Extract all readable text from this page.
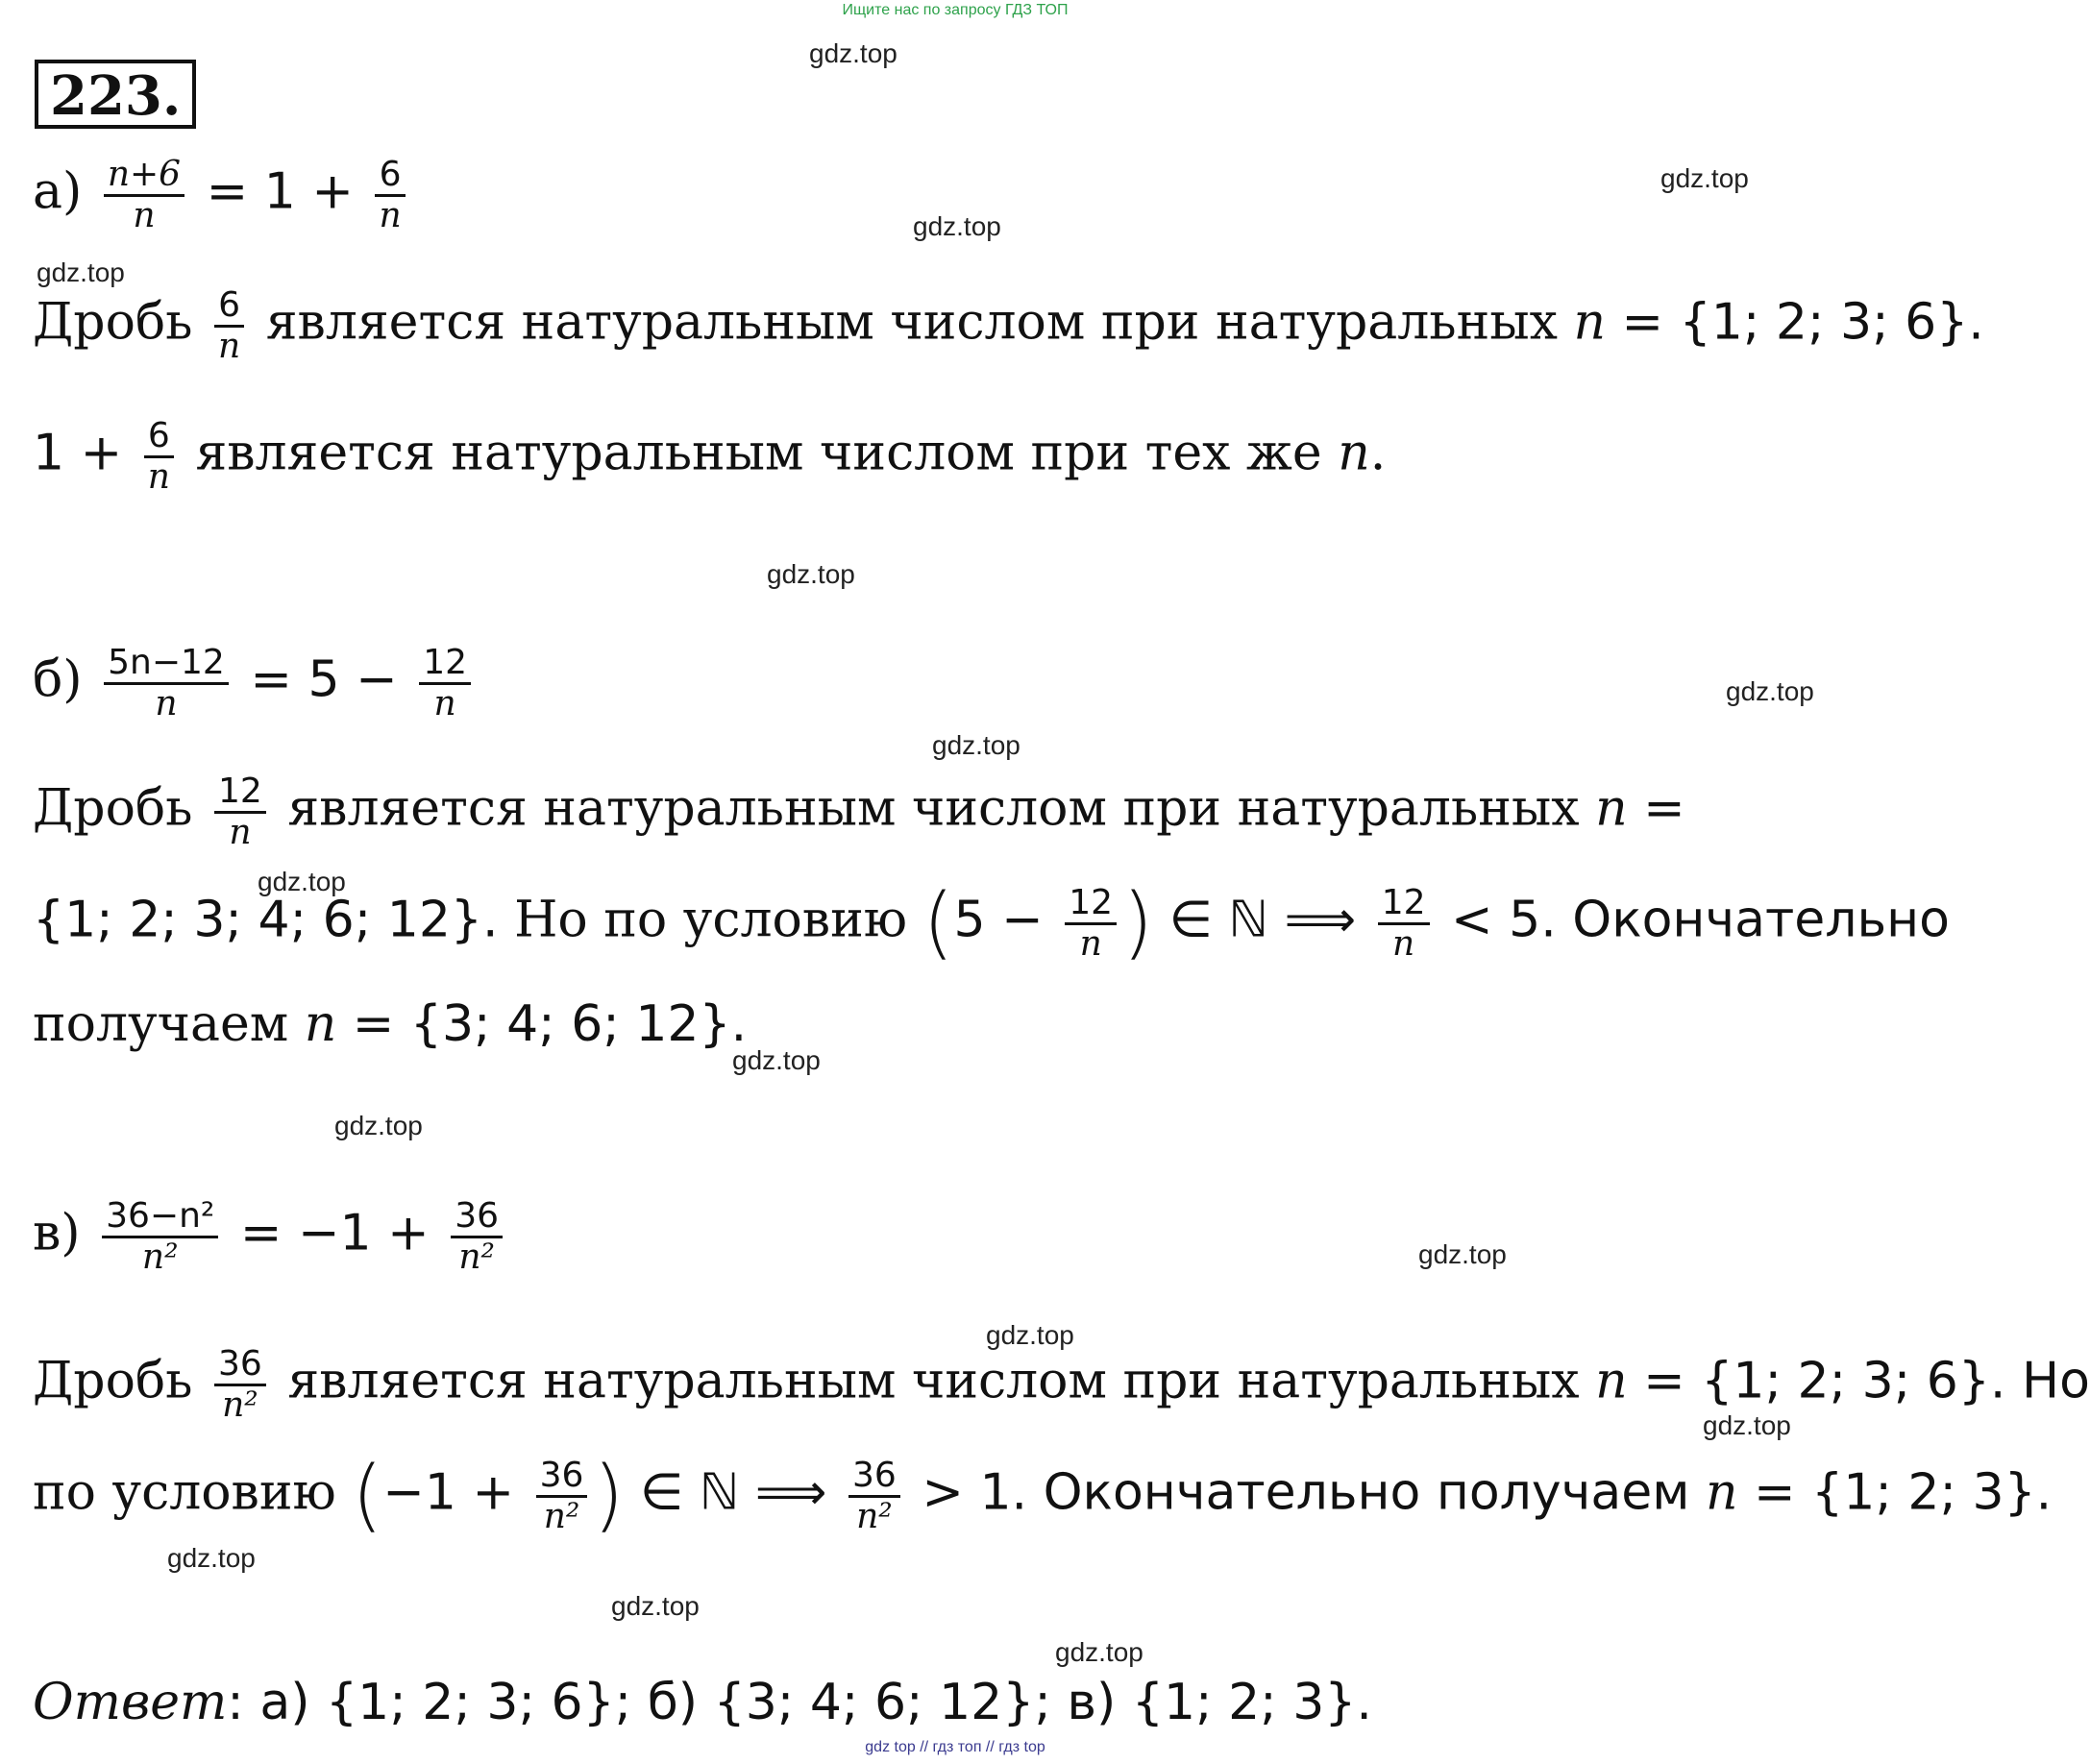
Ищите нас по запросу ГДЗ ТОП
223.
gdz.top
gdz.top
gdz.top
gdz.top
gdz.top
gdz.top
gdz.top
gdz.top
gdz.top
gdz.top
gdz.top
gdz.top
gdz.top
gdz.top
gdz.top
gdz.top
$а) \frac{n+6}{n} = 1 + \frac{6}{n}$
Дробь $\frac{6}{n}$ является натуральным числом при натуральных n = {1; 2; 3; 6}.
$1 + \frac{6}{n}$ является натуральным числом при тех же n.
$б) \frac{5n-12}{n} = 5 - \frac{12}{n}$
Дробь $\frac{12}{n}$ является натуральным числом при натуральных n =
{1; 2; 3; 4; 6; 12}. Но по условию ($5 - \frac{12}{n}$ ) ∈ ℕ ⟹ $\frac{12}{n} < 5$. Окончательно
получаем n = {3; 4; 6; 12}.
$в) \frac{\text{36−n²}}{\text{n²}} = -1 + \frac{36}{\text{n²}}$
Дробь $\frac{36}{\text{n²}}$ является натуральным числом при натуральных n = {1; 2; 3; 6}. Но
по условию ($-1 + \frac{36}{\text{n²}}$ ) ∈ ℕ ⟹ $\frac{36}{\text{n²}} > 1$. Окончательно получаем n = {1; 2; 3}.
Ответ: а) {1; 2; 3; 6}; б) {3; 4; 6; 12}; в) {1; 2; 3}.
gdz top // гдз топ // гдз top
